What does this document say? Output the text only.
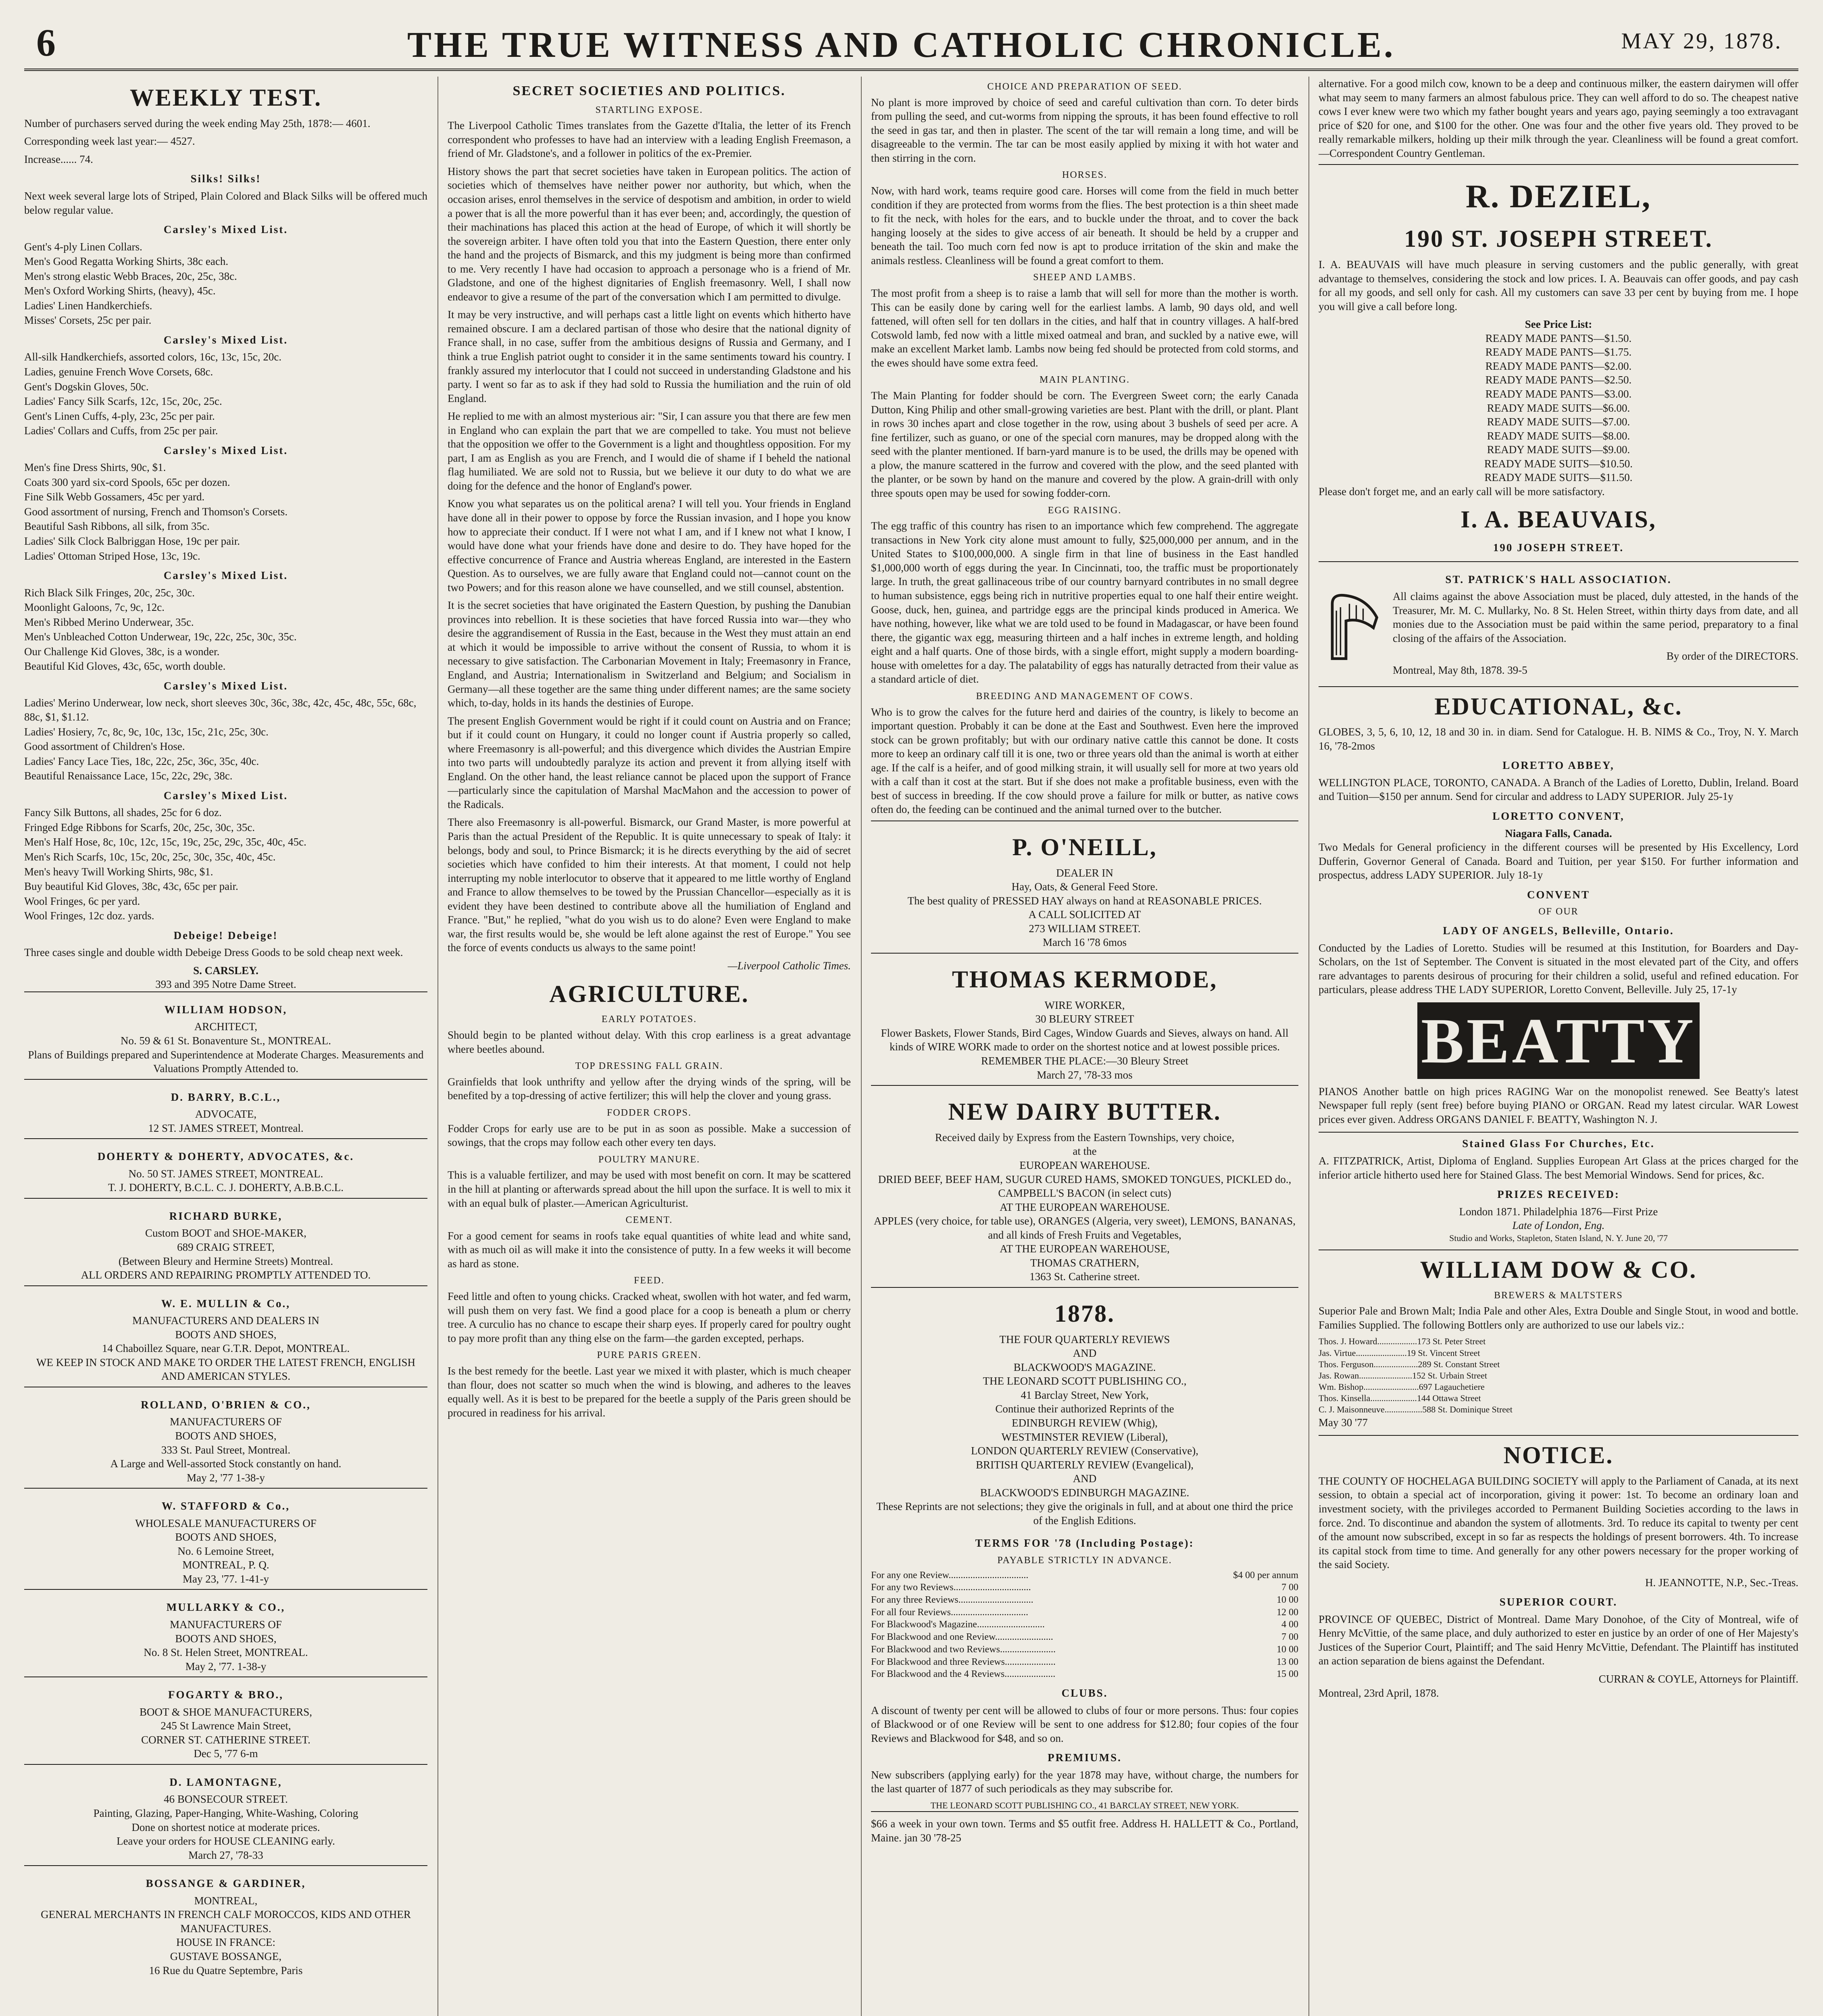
6	THE TRUE WITNESS AND CATHOLIC CHRONICLE.	MAY 29, 1878.
WEEKLY TEST.

Number of purchasers served during the week ending May 25th, 1878:— 4601.

Corresponding week last year:— 4527.

Increase...... 74.

Silks! Silks!

Next week several large lots of Striped, Plain Colored and Black Silks will be offered much below regular value.

Carsley's Mixed List.
Gent's 4-ply Linen Collars.
Men's Good Regatta Working Shirts, 38c each.
Men's strong elastic Webb Braces, 20c, 25c, 38c.
Men's Oxford Working Shirts, (heavy), 45c.
Ladies' Linen Handkerchiefs.
Misses' Corsets, 25c per pair.
Carsley's Mixed List.
All-silk Handkerchiefs, assorted colors, 16c, 13c, 15c, 20c.
Ladies, genuine French Wove Corsets, 68c.
Gent's Dogskin Gloves, 50c.
Ladies' Fancy Silk Scarfs, 12c, 15c, 20c, 25c.
Gent's Linen Cuffs, 4-ply, 23c, 25c per pair.
Ladies' Collars and Cuffs, from 25c per pair.
Carsley's Mixed List.
Men's fine Dress Shirts, 90c, $1.
Coats 300 yard six-cord Spools, 65c per dozen.
Fine Silk Webb Gossamers, 45c per yard.
Good assortment of nursing, French and Thomson's Corsets.
Beautiful Sash Ribbons, all silk, from 35c.
Ladies' Silk Clock Balbriggan Hose, 19c per pair.
Ladies' Ottoman Striped Hose, 13c, 19c.
Carsley's Mixed List.
Rich Black Silk Fringes, 20c, 25c, 30c.
Moonlight Galoons, 7c, 9c, 12c.
Men's Ribbed Merino Underwear, 35c.
Men's Unbleached Cotton Underwear, 19c, 22c, 25c, 30c, 35c.
Our Challenge Kid Gloves, 38c, is a wonder.
Beautiful Kid Gloves, 43c, 65c, worth double.
Carsley's Mixed List.
Ladies' Merino Underwear, low neck, short sleeves 30c, 36c, 38c, 42c, 45c, 48c, 55c, 68c, 88c, $1, $1.12.
Ladies' Hosiery, 7c, 8c, 9c, 10c, 13c, 15c, 21c, 25c, 30c.
Good assortment of Children's Hose.
Ladies' Fancy Lace Ties, 18c, 22c, 25c, 36c, 35c, 40c.
Beautiful Renaissance Lace, 15c, 22c, 29c, 38c.
Carsley's Mixed List.
Fancy Silk Buttons, all shades, 25c for 6 doz.
Fringed Edge Ribbons for Scarfs, 20c, 25c, 30c, 35c.
Men's Half Hose, 8c, 10c, 12c, 15c, 19c, 25c, 29c, 35c, 40c, 45c.
Men's Rich Scarfs, 10c, 15c, 20c, 25c, 30c, 35c, 40c, 45c.
Men's heavy Twill Working Shirts, 98c, $1.
Buy beautiful Kid Gloves, 38c, 43c, 65c per pair.
Wool Fringes, 6c per yard.
Wool Fringes, 12c doz. yards.
Debeige! Debeige!

Three cases single and double width Debeige Dress Goods to be sold cheap next week.

S. CARSLEY.
393 and 395 Notre Dame Street.
WILLIAM HODSON,
ARCHITECT,
No. 59 & 61 St. Bonaventure St., MONTREAL.
Plans of Buildings prepared and Superintendence at Moderate Charges. Measurements and Valuations Promptly Attended to.
D. BARRY, B.C.L.,
ADVOCATE,
12 ST. JAMES STREET, Montreal.
DOHERTY & DOHERTY, ADVOCATES, &c.
No. 50 ST. JAMES STREET, MONTREAL.
T. J. DOHERTY, B.C.L. C. J. DOHERTY, A.B.B.C.L.
RICHARD BURKE,
Custom BOOT and SHOE-MAKER,
689 CRAIG STREET,
(Between Bleury and Hermine Streets) Montreal.
ALL ORDERS AND REPAIRING PROMPTLY ATTENDED TO.
W. E. MULLIN & Co.,
MANUFACTURERS AND DEALERS IN
BOOTS AND SHOES,
14 Chaboillez Square, near G.T.R. Depot, MONTREAL.
WE KEEP IN STOCK AND MAKE TO ORDER THE LATEST FRENCH, ENGLISH AND AMERICAN STYLES.
ROLLAND, O'BRIEN & CO.,
MANUFACTURERS OF
BOOTS AND SHOES,
333 St. Paul Street, Montreal.
A Large and Well-assorted Stock constantly on hand.
May 2, '77 1-38-y
W. STAFFORD & Co.,
WHOLESALE MANUFACTURERS OF
BOOTS AND SHOES,
No. 6 Lemoine Street,
MONTREAL, P. Q.
May 23, '77. 1-41-y
MULLARKY & CO.,
MANUFACTURERS OF
BOOTS AND SHOES,
No. 8 St. Helen Street, MONTREAL.
May 2, '77. 1-38-y
FOGARTY & BRO.,
BOOT & SHOE MANUFACTURERS,
245 St Lawrence Main Street,
CORNER ST. CATHERINE STREET.
Dec 5, '77 6-m
D. LAMONTAGNE,
46 BONSECOUR STREET.
Painting, Glazing, Paper-Hanging, White-Washing, Coloring
Done on shortest notice at moderate prices.
Leave your orders for HOUSE CLEANING early.
March 27, '78-33
BOSSANGE & GARDINER,
MONTREAL,
GENERAL MERCHANTS IN FRENCH CALF MOROCCOS, KIDS AND OTHER MANUFACTURES.
HOUSE IN FRANCE:
GUSTAVE BOSSANGE,
16 Rue du Quatre Septembre, Paris
SECRET SOCIETIES AND POLITICS.
STARTLING EXPOSE.

The Liverpool Catholic Times translates from the Gazette d'Italia, the letter of its French correspondent who professes to have had an interview with a leading English Freemason, a friend of Mr. Gladstone's, and a follower in politics of the ex-Premier.

History shows the part that secret societies have taken in European politics. The action of societies which of themselves have neither power nor authority, but which, when the occasion arises, enrol themselves in the service of despotism and ambition, in order to wield a power that is all the more powerful than it has ever been; and, accordingly, the question of their machinations has placed this action at the head of Europe, of which it will shortly be the sovereign arbiter. I have often told you that into the Eastern Question, there enter only the hand and the projects of Bismarck, and this my judgment is being more than confirmed to me. Very recently I have had occasion to approach a personage who is a friend of Mr. Gladstone, and one of the highest dignitaries of English freemasonry. Well, I shall now endeavor to give a resume of the part of the conversation which I am permitted to divulge.

It may be very instructive, and will perhaps cast a little light on events which hitherto have remained obscure. I am a declared partisan of those who desire that the national dignity of France shall, in no case, suffer from the ambitious designs of Russia and Germany, and I think a true English patriot ought to consider it in the same sentiments toward his country. I frankly assured my interlocutor that I could not succeed in understanding Gladstone and his party. I went so far as to ask if they had sold to Russia the humiliation and the ruin of old England.

He replied to me with an almost mysterious air: "Sir, I can assure you that there are few men in England who can explain the part that we are compelled to take. You must not believe that the opposition we offer to the Government is a light and thoughtless opposition. For my part, I am as English as you are French, and I would die of shame if I beheld the national flag humiliated. We are sold not to Russia, but we believe it our duty to do what we are doing for the defence and the honor of England's power.

Know you what separates us on the political arena? I will tell you. Your friends in England have done all in their power to oppose by force the Russian invasion, and I hope you know how to appreciate their conduct. If I were not what I am, and if I knew not what I know, I would have done what your friends have done and desire to do. They have hoped for the effective concurrence of France and Austria whereas England, are interested in the Eastern Question. As to ourselves, we are fully aware that England could not—cannot count on the two Powers; and for this reason alone we have counselled, and we still counsel, abstention.

It is the secret societies that have originated the Eastern Question, by pushing the Danubian provinces into rebellion. It is these societies that have forced Russia into war—they who desire the aggrandisement of Russia in the East, because in the West they must attain an end at which it would be impossible to arrive without the consent of Russia, to whom it is necessary to give satisfaction. The Carbonarian Movement in Italy; Freemasonry in France, England, and Austria; Internationalism in Switzerland and Belgium; and Socialism in Germany—all these together are the same thing under different names; are the same society which, to-day, holds in its hands the destinies of Europe.

The present English Government would be right if it could count on Austria and on France; but if it could count on Hungary, it could no longer count if Austria properly so called, where Freemasonry is all-powerful; and this divergence which divides the Austrian Empire into two parts will undoubtedly paralyze its action and prevent it from allying itself with England. On the other hand, the least reliance cannot be placed upon the support of France—particularly since the capitulation of Marshal MacMahon and the accession to power of the Radicals.

There also Freemasonry is all-powerful. Bismarck, our Grand Master, is more powerful at Paris than the actual President of the Republic. It is quite unnecessary to speak of Italy: it belongs, body and soul, to Prince Bismarck; it is he directs everything by the aid of secret societies which have confided to him their interests. At that moment, I could not help interrupting my noble interlocutor to observe that it appeared to me little worthy of England and France to allow themselves to be towed by the Prussian Chancellor—especially as it is evident they have been destined to contribute above all the humiliation of England and France. "But," he replied, "what do you wish us to do alone? Even were England to make war, the first results would be, she would be left alone against the rest of Europe." You see the force of events conducts us always to the same point!

—Liverpool Catholic Times.
AGRICULTURE.
EARLY POTATOES.

Should begin to be planted without delay. With this crop earliness is a great advantage where beetles abound.

TOP DRESSING FALL GRAIN.

Grainfields that look unthrifty and yellow after the drying winds of the spring, will be benefited by a top-dressing of active fertilizer; this will help the clover and young grass.

FODDER CROPS.

Fodder Crops for early use are to be put in as soon as possible. Make a succession of sowings, that the crops may follow each other every ten days.

POULTRY MANURE.

This is a valuable fertilizer, and may be used with most benefit on corn. It may be scattered in the hill at planting or afterwards spread about the hill upon the surface. It is well to mix it with an equal bulk of plaster.—American Agriculturist.

CEMENT.

For a good cement for seams in roofs take equal quantities of white lead and white sand, with as much oil as will make it into the consistence of putty. In a few weeks it will become as hard as stone.

FEED.

Feed little and often to young chicks. Cracked wheat, swollen with hot water, and fed warm, will push them on very fast. We find a good place for a coop is beneath a plum or cherry tree. A curculio has no chance to escape their sharp eyes. If properly cared for poultry ought to pay more profit than any thing else on the farm—the garden excepted, perhaps.

PURE PARIS GREEN.

Is the best remedy for the beetle. Last year we mixed it with plaster, which is much cheaper than flour, does not scatter so much when the wind is blowing, and adheres to the leaves equally well. As it is best to be prepared for the beetle a supply of the Paris green should be procured in readiness for his arrival.

CHOICE AND PREPARATION OF SEED.

No plant is more improved by choice of seed and careful cultivation than corn. To deter birds from pulling the seed, and cut-worms from nipping the sprouts, it has been found effective to roll the seed in gas tar, and then in plaster. The scent of the tar will remain a long time, and will be disagreeable to the vermin. The tar can be most easily applied by mixing it with hot water and then stirring in the corn.

HORSES.

Now, with hard work, teams require good care. Horses will come from the field in much better condition if they are protected from worms from the flies. The best protection is a thin sheet made to fit the neck, with holes for the ears, and to buckle under the throat, and to cover the back hanging loosely at the sides to give access of air beneath. It should be held by a crupper and beneath the tail. Too much corn fed now is apt to produce irritation of the skin and make the animals restless. Cleanliness will be found a great comfort to them.

SHEEP AND LAMBS.

The most profit from a sheep is to raise a lamb that will sell for more than the mother is worth. This can be easily done by caring well for the earliest lambs. A lamb, 90 days old, and well fattened, will often sell for ten dollars in the cities, and half that in country villages. A half-bred Cotswold lamb, fed now with a little mixed oatmeal and bran, and suckled by a native ewe, will make an excellent Market lamb. Lambs now being fed should be protected from cold storms, and the ewes should have some extra feed.

MAIN PLANTING.

The Main Planting for fodder should be corn. The Evergreen Sweet corn; the early Canada Dutton, King Philip and other small-growing varieties are best. Plant with the drill, or plant. Plant in rows 30 inches apart and close together in the row, using about 3 bushels of seed per acre. A fine fertilizer, such as guano, or one of the special corn manures, may be dropped along with the seed with the planter mentioned. If barn-yard manure is to be used, the drills may be opened with a plow, the manure scattered in the furrow and covered with the plow, and the seed planted with the planter, or be sown by hand on the manure and covered by the plow. A grain-drill with only three spouts open may be used for sowing fodder-corn.

EGG RAISING.

The egg traffic of this country has risen to an importance which few comprehend. The aggregate transactions in New York city alone must amount to fully, $25,000,000 per annum, and in the United States to $100,000,000. A single firm in that line of business in the East handled $1,000,000 worth of eggs during the year. In Cincinnati, too, the traffic must be proportionately large. In truth, the great gallinaceous tribe of our country barnyard contributes in no small degree to human subsistence, eggs being rich in nutritive properties equal to one half their entire weight. Goose, duck, hen, guinea, and partridge eggs are the principal kinds produced in America. We have nothing, however, like what we are told used to be found in Madagascar, or have been found there, the gigantic wax egg, measuring thirteen and a half inches in extreme length, and holding eight and a half quarts. One of those birds, with a single effort, might supply a modern boarding-house with omelettes for a day. The palatability of eggs has naturally detracted from their value as a standard article of diet.

BREEDING AND MANAGEMENT OF COWS.

Who is to grow the calves for the future herd and dairies of the country, is likely to become an important question. Probably it can be done at the East and Southwest. Even here the improved stock can be grown profitably; but with our ordinary native cattle this cannot be done. It costs more to keep an ordinary calf till it is one, two or three years old than the animal is worth at either age. If the calf is a heifer, and of good milking strain, it will usually sell for more at two years old with a calf than it cost at the start. But if she does not make a profitable business, even with the best of success in breeding. If the cow should prove a failure for milk or butter, as native cows often do, the feeding can be continued and the animal turned over to the butcher.

P. O'NEILL,
DEALER IN
Hay, Oats, & General Feed Store.
The best quality of PRESSED HAY always on hand at REASONABLE PRICES.
A CALL SOLICITED AT
273 WILLIAM STREET.
March 16 '78 6mos
THOMAS KERMODE,
WIRE WORKER,
30 BLEURY STREET
Flower Baskets, Flower Stands, Bird Cages, Window Guards and Sieves, always on hand. All kinds of WIRE WORK made to order on the shortest notice and at lowest possible prices.
REMEMBER THE PLACE:—30 Bleury Street
March 27, '78-33 mos
NEW DAIRY BUTTER.
Received daily by Express from the Eastern Townships, very choice,
at the
EUROPEAN WAREHOUSE.
DRIED BEEF, BEEF HAM, SUGUR CURED HAMS, SMOKED TONGUES, PICKLED do., CAMPBELL'S BACON (in select cuts)
AT THE EUROPEAN WAREHOUSE.
APPLES (very choice, for table use), ORANGES (Algeria, very sweet), LEMONS, BANANAS, and all kinds of Fresh Fruits and Vegetables,
AT THE EUROPEAN WAREHOUSE,
THOMAS CRATHERN,
1363 St. Catherine street.
1878.
THE FOUR QUARTERLY REVIEWS
AND
BLACKWOOD'S MAGAZINE.
THE LEONARD SCOTT PUBLISHING CO.,
41 Barclay Street, New York,
Continue their authorized Reprints of the
EDINBURGH REVIEW (Whig),
WESTMINSTER REVIEW (Liberal),
LONDON QUARTERLY REVIEW (Conservative),
BRITISH QUARTERLY REVIEW (Evangelical),
AND
BLACKWOOD'S EDINBURGH MAGAZINE.
These Reprints are not selections; they give the originals in full, and at about one third the price of the English Editions.
TERMS FOR '78 (Including Postage):
PAYABLE STRICTLY IN ADVANCE.
For any one Review.................................	$4 00 per annum
For any two Reviews................................	7 00
For any three Reviews...............................	10 00
For all four Reviews................................	12 00
For Blackwood's Magazine............................	4 00
For Blackwood and one Review........................	7 00
For Blackwood and two Reviews.......................	10 00
For Blackwood and three Reviews.....................	13 00
For Blackwood and the 4 Reviews.....................	15 00
CLUBS.

A discount of twenty per cent will be allowed to clubs of four or more persons. Thus: four copies of Blackwood or of one Review will be sent to one address for $12.80; four copies of the four Reviews and Blackwood for $48, and so on.

PREMIUMS.

New subscribers (applying early) for the year 1878 may have, without charge, the numbers for the last quarter of 1877 of such periodicals as they may subscribe for.

THE LEONARD SCOTT PUBLISHING CO., 41 BARCLAY STREET, NEW YORK.

$66 a week in your own town. Terms and $5 outfit free. Address H. HALLETT & Co., Portland, Maine. jan 30 '78-25

alternative. For a good milch cow, known to be a deep and continuous milker, the eastern dairymen will offer what may seem to many farmers an almost fabulous price. They can well afford to do so. The cheapest native cows I ever knew were two which my father bought years and years ago, paying seemingly a too extravagant price of $20 for one, and $100 for the other. One was four and the other five years old. They proved to be really remarkable milkers, holding up their milk through the year. Cleanliness will be found a great comfort. —Correspondent Country Gentleman.

R. DEZIEL,
190 ST. JOSEPH STREET.

I. A. BEAUVAIS will have much pleasure in serving customers and the public generally, with great advantage to themselves, considering the stock and low prices. I. A. Beauvais can offer goods, and pay cash for all my goods, and sell only for cash. All my customers can save 33 per cent by buying from me. I hope you will give a call before long.

See Price List:
READY MADE PANTS—$1.50.
READY MADE PANTS—$1.75.
READY MADE PANTS—$2.00.
READY MADE PANTS—$2.50.
READY MADE PANTS—$3.00.
READY MADE SUITS—$6.00.
READY MADE SUITS—$7.00.
READY MADE SUITS—$8.00.
READY MADE SUITS—$9.00.
READY MADE SUITS—$10.50.
READY MADE SUITS—$11.50.

Please don't forget me, and an early call will be more satisfactory.

I. A. BEAUVAIS,
190 JOSEPH STREET.
ST. PATRICK'S HALL ASSOCIATION.

All claims against the above Association must be placed, duly attested, in the hands of the Treasurer, Mr. M. C. Mullarky, No. 8 St. Helen Street, within thirty days from date, and all monies due to the Association must be paid within the same period, preparatory to a final closing of the affairs of the Association.

By order of the DIRECTORS.
Montreal, May 8th, 1878. 39-5
EDUCATIONAL, &c.

GLOBES, 3, 5, 6, 10, 12, 18 and 30 in. in diam. Send for Catalogue. H. B. NIMS & Co., Troy, N. Y. March 16, '78-2mos

LORETTO ABBEY,

WELLINGTON PLACE, TORONTO, CANADA. A Branch of the Ladies of Loretto, Dublin, Ireland. Board and Tuition—$150 per annum. Send for circular and address to LADY SUPERIOR. July 25-1y

LORETTO CONVENT,
Niagara Falls, Canada.

Two Medals for General proficiency in the different courses will be presented by His Excellency, Lord Dufferin, Governor General of Canada. Board and Tuition, per year $150. For further information and prospectus, address LADY SUPERIOR. July 18-1y

CONVENT
OF OUR
LADY OF ANGELS, Belleville, Ontario.

Conducted by the Ladies of Loretto. Studies will be resumed at this Institution, for Boarders and Day-Scholars, on the 1st of September. The Convent is situated in the most elevated part of the City, and offers rare advantages to parents desirous of procuring for their children a solid, useful and refined education. For particulars, please address THE LADY SUPERIOR, Loretto Convent, Belleville. July 25, 17-1y

BEATTY

PIANOS Another battle on high prices RAGING War on the monopolist renewed. See Beatty's latest Newspaper full reply (sent free) before buying PIANO or ORGAN. Read my latest circular. WAR Lowest prices ever given. Address ORGANS DANIEL F. BEATTY, Washington N. J.

Stained Glass For Churches, Etc.

A. FITZPATRICK, Artist, Diploma of England. Supplies European Art Glass at the prices charged for the inferior article hitherto used here for Stained Glass. The best Memorial Windows. Send for prices, &c.

PRIZES RECEIVED:
London 1871. Philadelphia 1876—First Prize
Late of London, Eng.
Studio and Works, Stapleton, Staten Island, N. Y. June 20, '77
WILLIAM DOW & CO.
BREWERS & MALTSTERS

Superior Pale and Brown Malt; India Pale and other Ales, Extra Double and Single Stout, in wood and bottle. Families Supplied. The following Bottlers only are authorized to use our labels viz.:

Thos. J. Howard..................173 St. Peter Street
Jas. Virtue.......................19 St. Vincent Street
Thos. Ferguson....................289 St. Constant Street
Jas. Rowan........................152 St. Urbain Street
Wm. Bishop.........................697 Lagauchetiere
Thos. Kinsella.....................144 Ottawa Street
C. J. Maisonneuve.................588 St. Dominique Street
May 30 '77
NOTICE.

THE COUNTY OF HOCHELAGA BUILDING SOCIETY will apply to the Parliament of Canada, at its next session, to obtain a special act of incorporation, giving it power: 1st. To become an ordinary loan and investment society, with the privileges accorded to Permanent Building Societies according to the laws in force. 2nd. To discontinue and abandon the system of allotments. 3rd. To reduce its capital to twenty per cent of the amount now subscribed, except in so far as respects the holdings of present borrowers. 4th. To increase its capital stock from time to time. And generally for any other powers necessary for the proper working of the said Society.

H. JEANNOTTE, N.P., Sec.-Treas.
SUPERIOR COURT.

PROVINCE OF QUEBEC, District of Montreal. Dame Mary Donohoe, of the City of Montreal, wife of Henry McVittie, of the same place, and duly authorized to ester en justice by an order of one of Her Majesty's Justices of the Superior Court, Plaintiff; and The said Henry McVittie, Defendant. The Plaintiff has instituted an action separation de biens against the Defendant.

CURRAN & COYLE, Attorneys for Plaintiff.
Montreal, 23rd April, 1878.
